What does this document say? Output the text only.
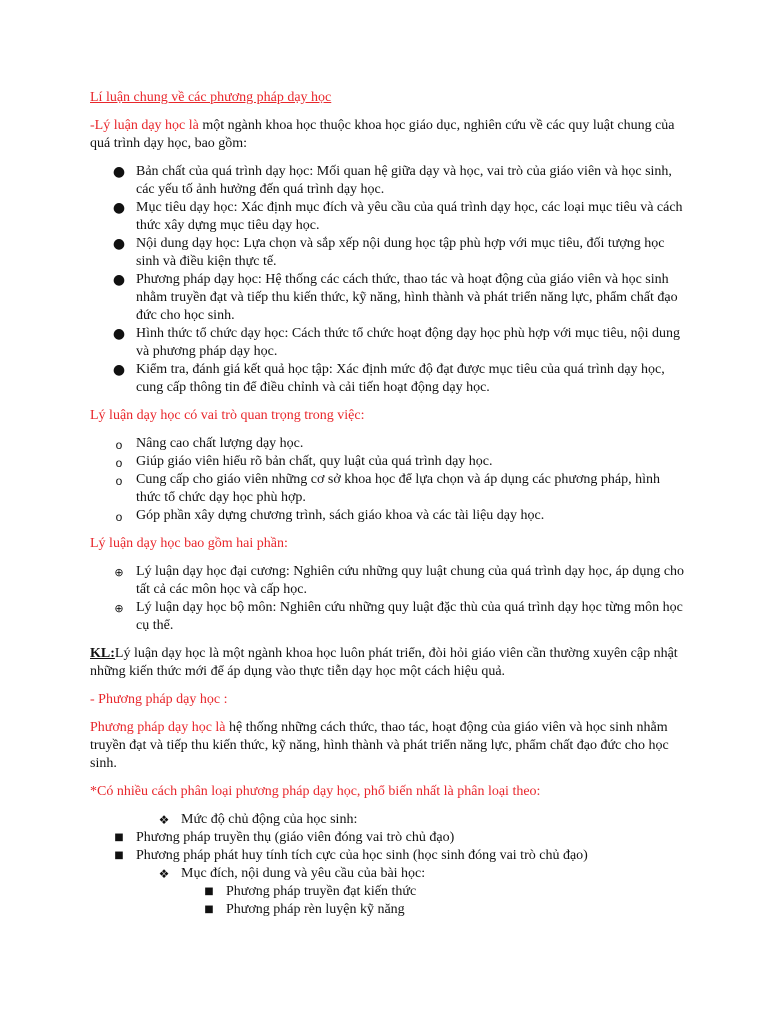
Lí luận chung về các phương pháp dạy học

-Lý luận dạy học là một ngành khoa học thuộc khoa học giáo dục, nghiên cứu về các quy luật chung của quá trình dạy học, bao gồm:

● Bản chất của quá trình dạy học: Mối quan hệ giữa dạy và học, vai trò của giáo viên và học sinh, các yếu tố ảnh hưởng đến quá trình dạy học.
● Mục tiêu dạy học: Xác định mục đích và yêu cầu của quá trình dạy học, các loại mục tiêu và cách thức xây dựng mục tiêu dạy học.
● Nội dung dạy học: Lựa chọn và sắp xếp nội dung học tập phù hợp với mục tiêu, đối tượng học sinh và điều kiện thực tế.
● Phương pháp dạy học: Hệ thống các cách thức, thao tác và hoạt động của giáo viên và học sinh nhằm truyền đạt và tiếp thu kiến thức, kỹ năng, hình thành và phát triển năng lực, phẩm chất đạo đức cho học sinh.
● Hình thức tổ chức dạy học: Cách thức tổ chức hoạt động dạy học phù hợp với mục tiêu, nội dung và phương pháp dạy học.
● Kiểm tra, đánh giá kết quả học tập: Xác định mức độ đạt được mục tiêu của quá trình dạy học, cung cấp thông tin để điều chỉnh và cải tiến hoạt động dạy học.

Lý luận dạy học có vai trò quan trọng trong việc:

o Nâng cao chất lượng dạy học.
o Giúp giáo viên hiểu rõ bản chất, quy luật của quá trình dạy học.
o Cung cấp cho giáo viên những cơ sở khoa học để lựa chọn và áp dụng các phương pháp, hình thức tổ chức dạy học phù hợp.
o Góp phần xây dựng chương trình, sách giáo khoa và các tài liệu dạy học.

Lý luận dạy học bao gồm hai phần:

⊕ Lý luận dạy học đại cương: Nghiên cứu những quy luật chung của quá trình dạy học, áp dụng cho tất cả các môn học và cấp học.
⊕ Lý luận dạy học bộ môn: Nghiên cứu những quy luật đặc thù của quá trình dạy học từng môn học cụ thể.

KL:Lý luận dạy học là một ngành khoa học luôn phát triển, đòi hỏi giáo viên cần thường xuyên cập nhật những kiến thức mới để áp dụng vào thực tiễn dạy học một cách hiệu quả.

- Phương pháp dạy học :

Phương pháp dạy học là hệ thống những cách thức, thao tác, hoạt động của giáo viên và học sinh nhằm truyền đạt và tiếp thu kiến thức, kỹ năng, hình thành và phát triển năng lực, phẩm chất đạo đức cho học sinh.

*Có nhiều cách phân loại phương pháp dạy học, phổ biến nhất là phân loại theo:

❖ Mức độ chủ động của học sinh:
■ Phương pháp truyền thụ (giáo viên đóng vai trò chủ đạo)
■ Phương pháp phát huy tính tích cực của học sinh (học sinh đóng vai trò chủ đạo)
❖ Mục đích, nội dung và yêu cầu của bài học:
■ Phương pháp truyền đạt kiến thức
■ Phương pháp rèn luyện kỹ năng
